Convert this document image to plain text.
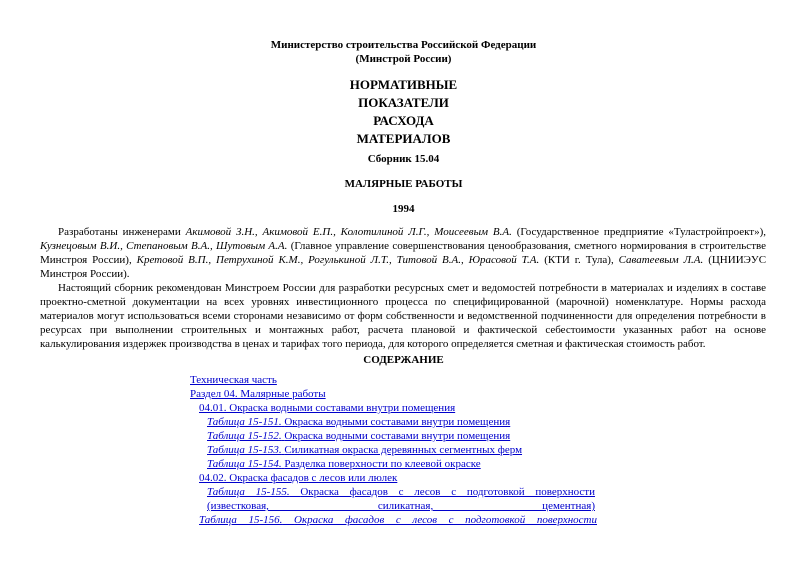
Министерство строительства Российской Федерации
(Минстрой России)
НОРМАТИВНЫЕ
ПОКАЗАТЕЛИ
РАСХОДА
МАТЕРИАЛОВ
Сборник 15.04
МАЛЯРНЫЕ РАБОТЫ
1994

Разработаны инженерами Акимовой З.Н., Акимовой Е.П., Колотилиной Л.Г., Моисеевым В.А. (Государственное предприятие «Туластройпроект»), Кузнецовым В.И., Степановым В.А., Шутовым А.А. (Главное управление совершенствования ценообразования, сметного нормирования в строительстве Минстроя России), Кретовой В.П., Петрухиной К.М., Рогулькиной Л.Т., Титовой В.А., Юрасовой Т.А. (КТИ г. Тула), Саватеевым Л.А. (ЦНИИЭУС Минстроя России).

Настоящий сборник рекомендован Минстроем России для разработки ресурсных смет и ведомостей потребности в материалах и изделиях в составе проектно-сметной документации на всех уровнях инвестиционного процесса по специфицированной (марочной) номенклатуре. Нормы расхода материалов могут использоваться всеми сторонами независимо от форм собственности и ведомственной подчиненности для определения потребности в ресурсах при выполнении строительных и монтажных работ, расчета плановой и фактической себестоимости указанных работ на основе калькулирования издержек производства в ценах и тарифах того периода, для которого определяется сметная и фактическая стоимость работ.

СОДЕРЖАНИЕ
Техническая часть
Раздел 04. Малярные работы
04.01. Окраска водными составами внутри помещения
Таблица 15-151. Окраска водными составами внутри помещения
Таблица 15-152. Окраска водными составами внутри помещения
Таблица 15-153. Силикатная окраска деревянных сегментных ферм
Таблица 15-154. Разделка поверхности по клеевой окраске
04.02. Окраска фасадов с лесов или люлек
Таблица 15-155. Окраска фасадов с лесов с подготовкой поверхности (известковая, силикатная, цементная)
Таблица 15-156. Окраска фасадов с лесов с подготовкой поверхности
